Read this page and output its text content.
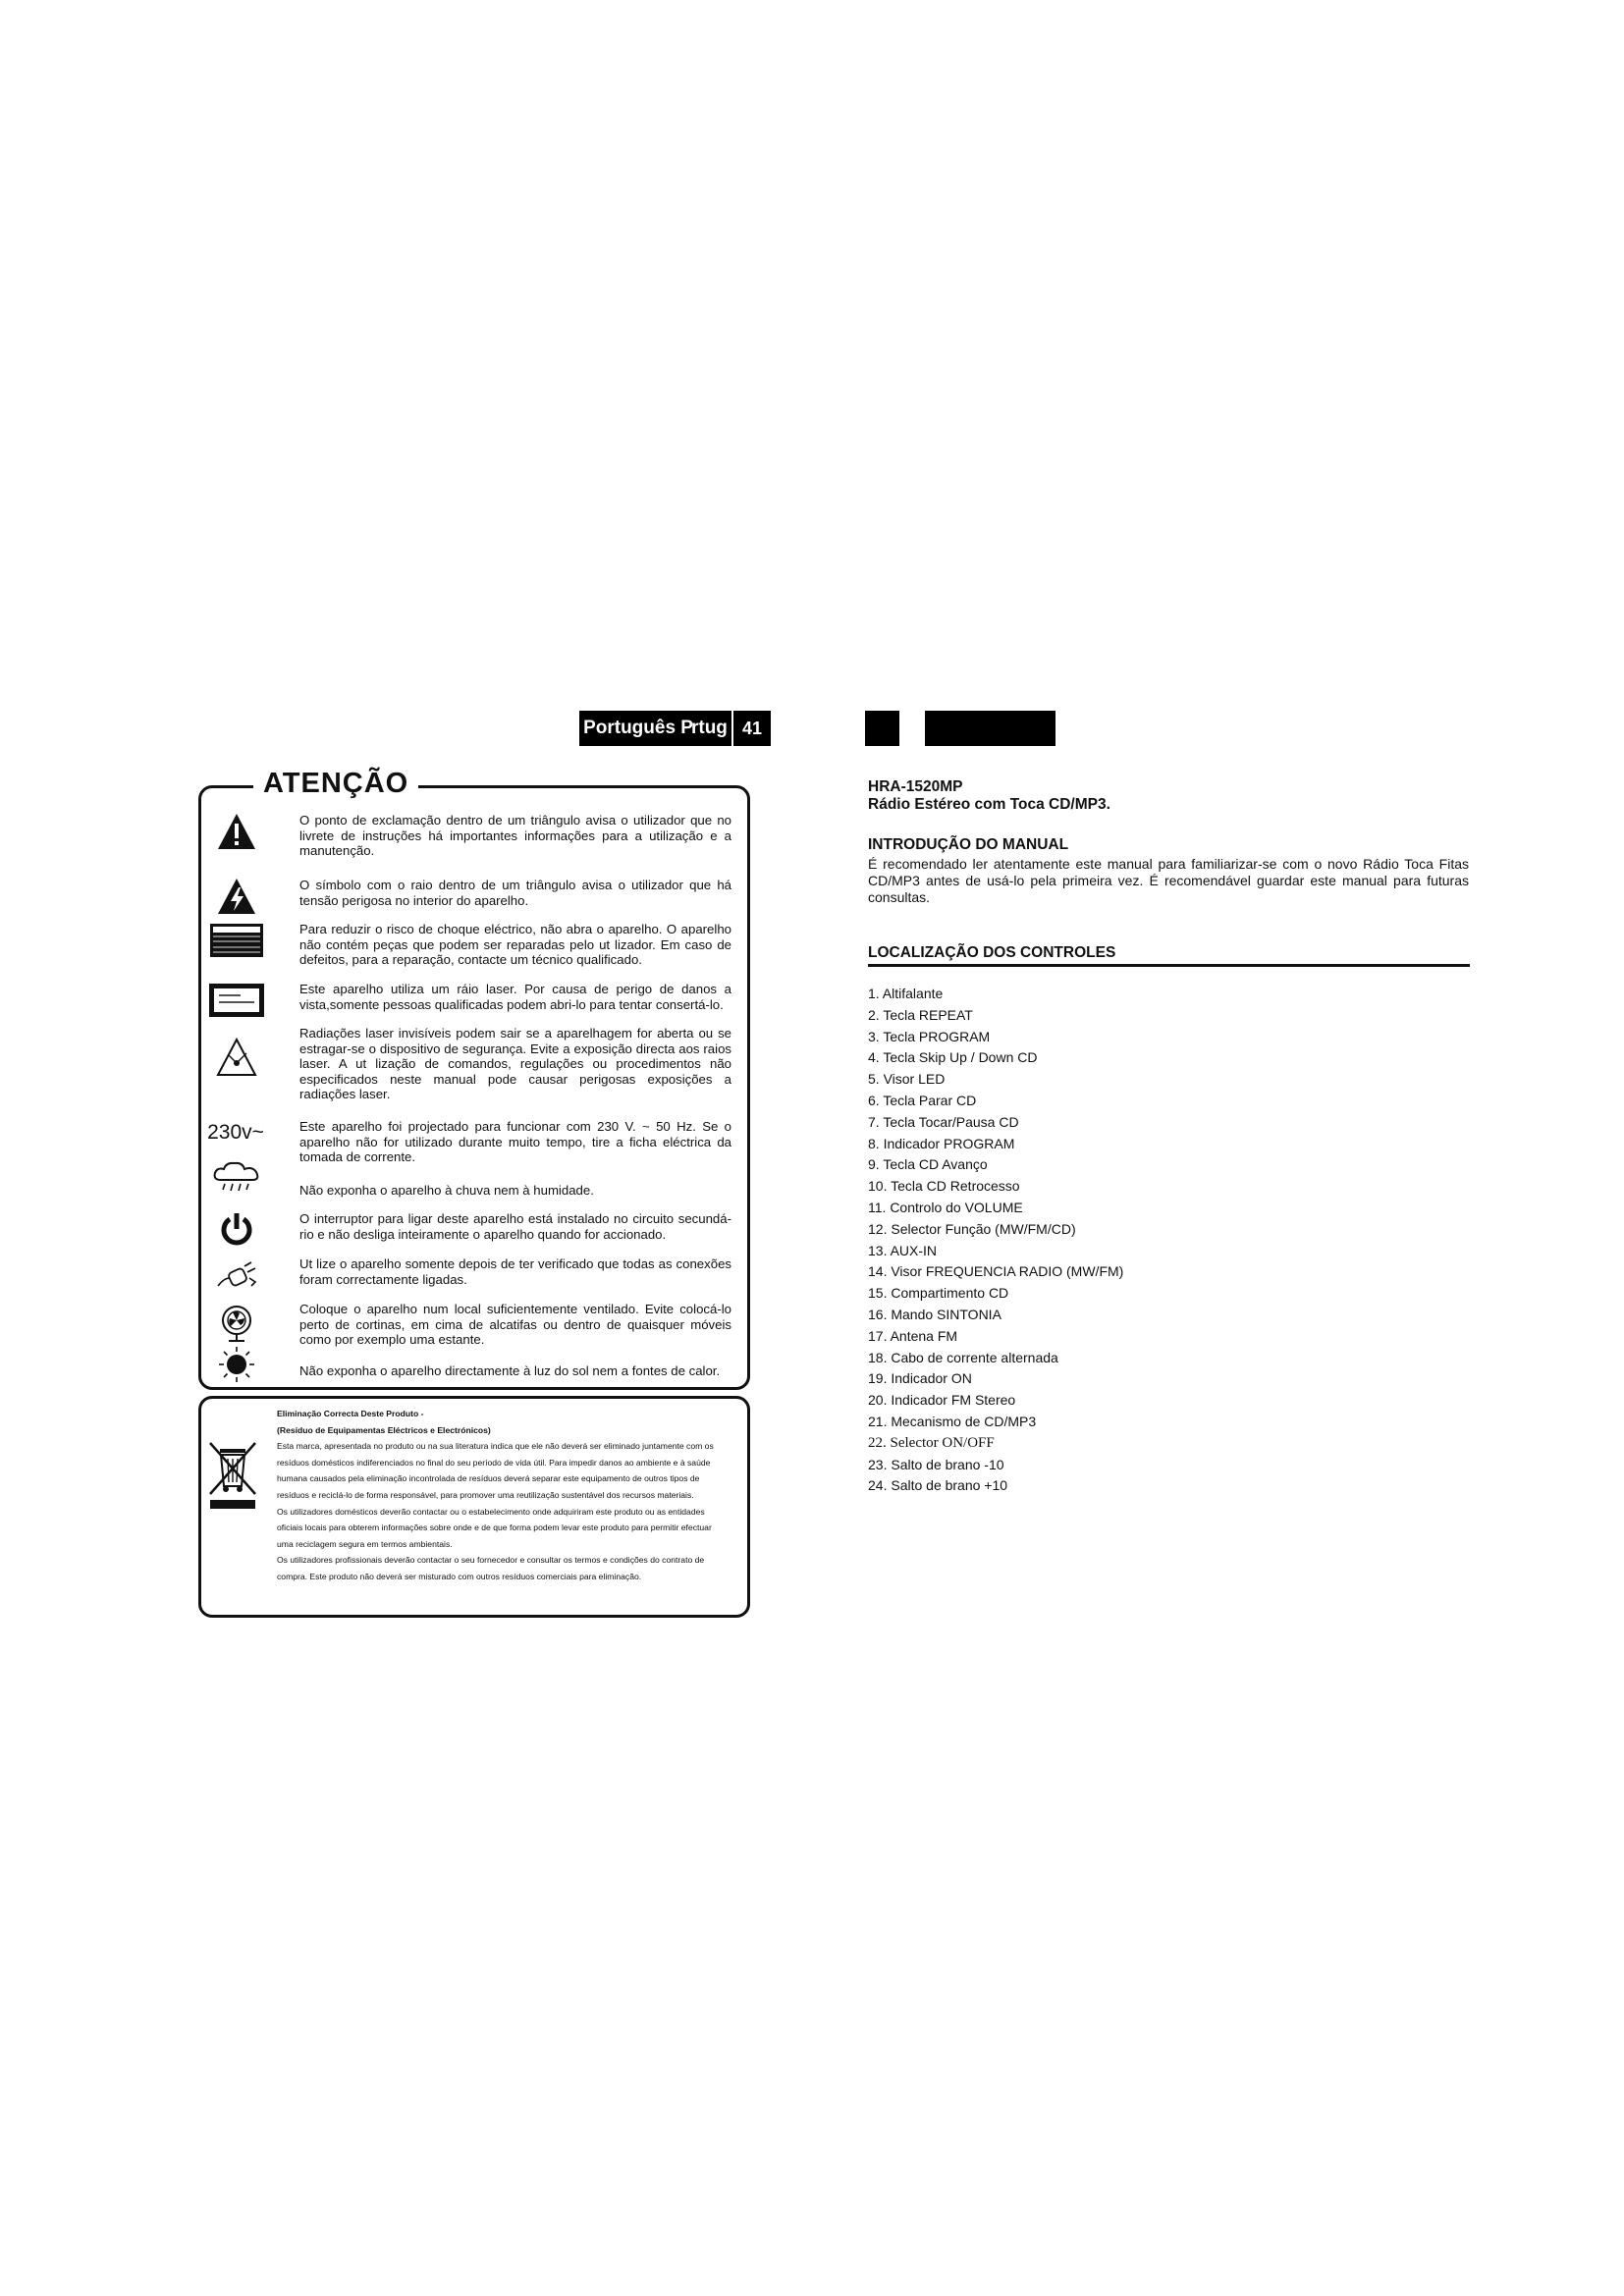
Português P
rtug 41
ATENÇÃO
O ponto de exclamação dentro de um triângulo avisa o utilizador que no livrete de instruções há importantes informações para a utilização e a manutenção.
O símbolo com o raio dentro de um triângulo avisa o utilizador que há tensão perigosa no interior do aparelho.
Para reduzir o risco de choque eléctrico, não abra o aparelho. O aparelho não contém peças que podem ser reparadas pelo ut lizador. Em caso de defeitos, para a reparação, contacte um técnico qualificado.
Este aparelho utiliza um ráio laser. Por causa de perigo de danos a vista,somente pessoas qualificadas podem abri-lo para tentar consertá-lo.
Radiações laser invisíveis podem sair se a aparelhagem for aberta ou se estragar-se o dispositivo de segurança. Evite a exposição directa aos raios laser. A ut lização de comandos, regulações ou procedimentos não especificados neste manual pode causar perigosas exposições a radiações laser.
230v~	Este aparelho foi projectado para funcionar com 230 V. ~ 50 Hz. Se o aparelho não for utilizado durante muito tempo, tire a ficha eléctrica da tomada de corrente.
Não exponha o aparelho à chuva nem à humidade.
O interruptor para ligar deste aparelho está instalado no circuito secundá-rio e não desliga inteiramente o aparelho quando for accionado.
Ut lize o aparelho somente depois de ter verificado que todas as conexões foram correctamente ligadas.
Coloque o aparelho num local suficientemente ventilado. Evite colocá-lo perto de cortinas, em cima de alcatifas ou dentro de quaisquer móveis como por exemplo uma estante.
Não exponha o aparelho directamente à luz do sol nem a fontes de calor.

Eliminação Correcta Deste Produto -

(Resíduo de Equipamentas Eléctricos e Electrónicos)

Esta marca, apresentada no produto ou na sua literatura indica que ele não deverá ser eliminado juntamente com os resíduos domésticos indiferenciados no final do seu período de vida útil. Para impedir danos ao ambiente e à saúde humana causados pela eliminação incontrolada de resíduos deverá separar este equipamento de outros tipos de resíduos e reciclá-lo de forma responsável, para promover uma reutilização sustentável dos recursos materiais.

Os utilizadores domésticos deverão contactar ou o estabelecimento onde adquiriram este produto ou as entidades oficiais locais para obterem informações sobre onde e de que forma podem levar este produto para permitir efectuar uma reciclagem segura em termos ambientais.

Os utilizadores profissionais deverão contactar o seu fornecedor e consultar os termos e condições do contrato de compra. Este produto não deverá ser misturado com outros resíduos comerciais para eliminação.

HRA-1520MP
Rádio Estéreo com Toca CD/MP3.
INTRODUÇÃO DO MANUAL
É recomendado ler atentamente este manual para familiarizar-se com o novo Rádio Toca Fitas CD/MP3 antes de usá-lo pela primeira vez. É recomendável guardar este manual para futuras consultas.
LOCALIZAÇÃO DOS CONTROLES
1. Altifalante
2. Tecla REPEAT
3. Tecla PROGRAM
4. Tecla Skip Up / Down CD
5. Visor LED
6. Tecla Parar CD
7. Tecla Tocar/Pausa CD
8. Indicador PROGRAM
9. Tecla CD Avanço
10. Tecla CD Retrocesso
11. Controlo do VOLUME
12. Selector Função (MW/FM/CD)
13. AUX-IN
14. Visor FREQUENCIA RADIO (MW/FM)
15. Compartimento CD
16. Mando SINTONIA
17. Antena FM
18. Cabo de corrente alternada
19. Indicador ON
20. Indicador FM Stereo
21. Mecanismo de CD/MP3
22. Selector ON/OFF
23. Salto de brano -10
24. Salto de brano +10
